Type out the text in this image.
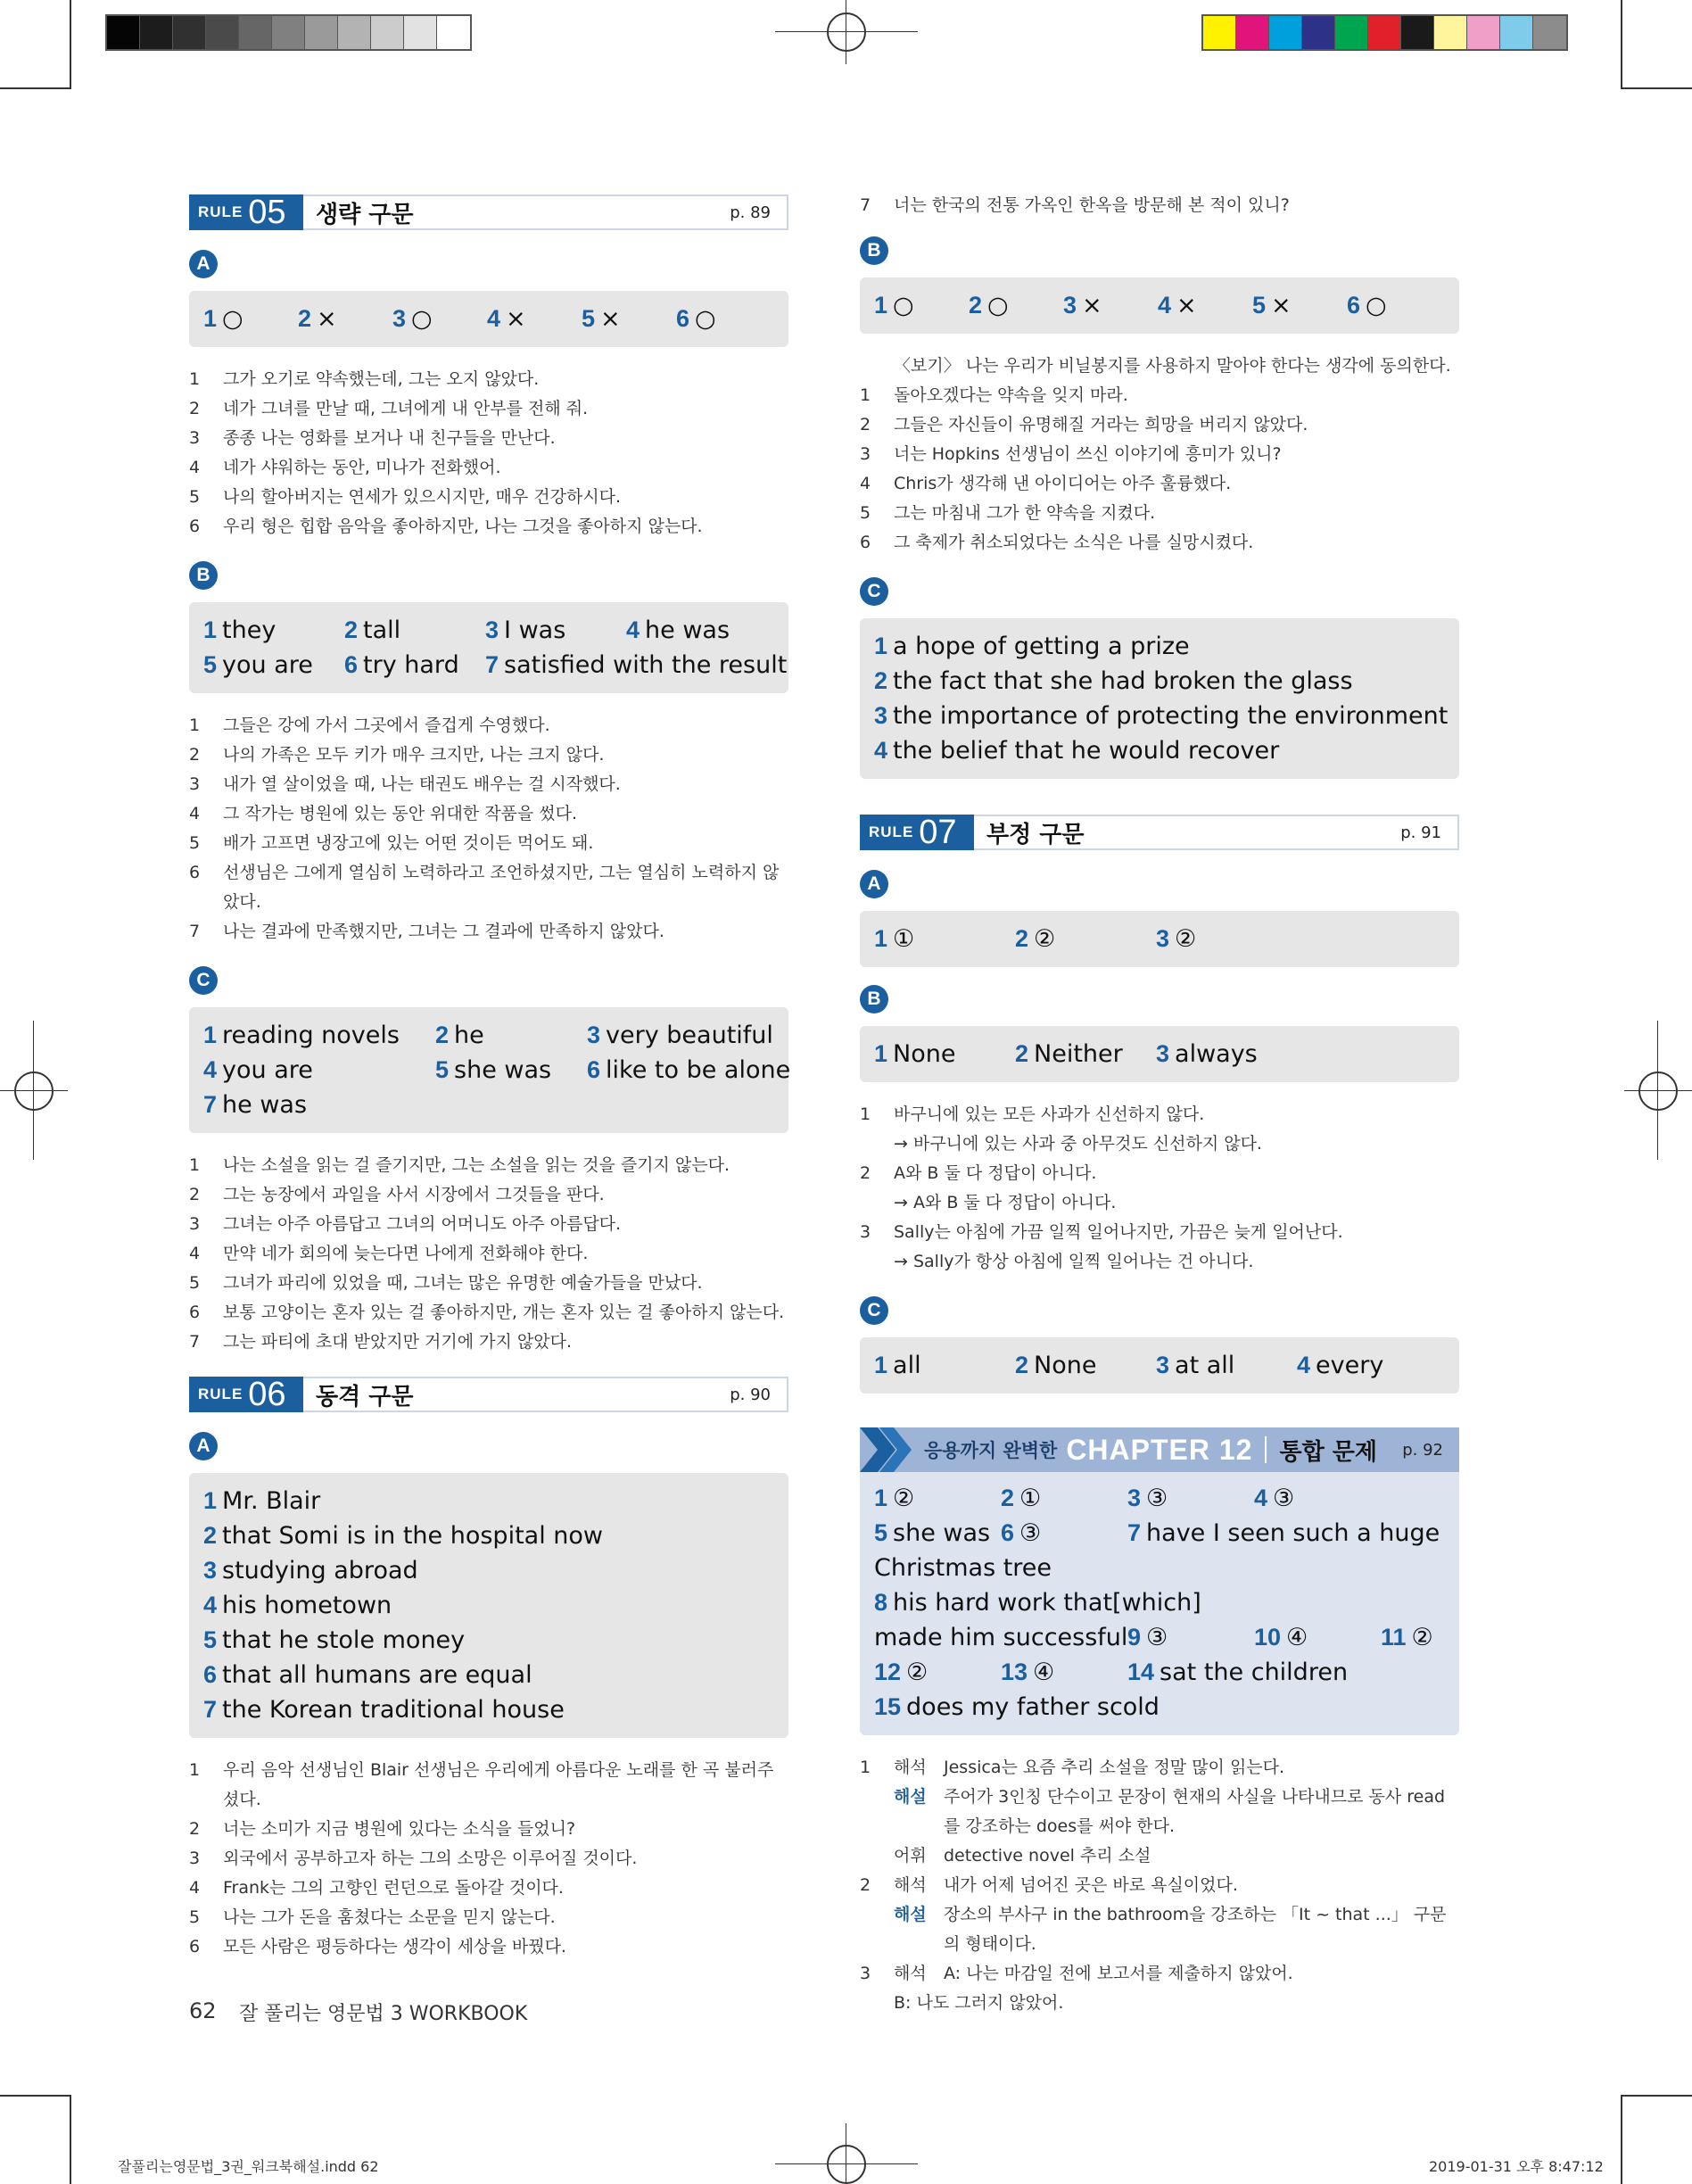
RULE 05 생략 구문	p. 89
A
1 ○	2 ×	3 ○	4 ×	5 ×	6 ○
1	그가 오기로 약속했는데, 그는 오지 않았다.
2	네가 그녀를 만날 때, 그녀에게 내 안부를 전해 줘.
3	종종 나는 영화를 보거나 내 친구들을 만난다.
4	네가 샤워하는 동안, 미나가 전화했어.
5	나의 할아버지는 연세가 있으시지만, 매우 건강하시다.
6	우리 형은 힙합 음악을 좋아하지만, 나는 그것을 좋아하지 않는다.
B
1 they	2 tall	3 I was	4 he was
5 you are	6 try hard	7 satisfied with the result
1	그들은 강에 가서 그곳에서 즐겁게 수영했다.
2	나의 가족은 모두 키가 매우 크지만, 나는 크지 않다.
3	내가 열 살이었을 때, 나는 태권도 배우는 걸 시작했다.
4	그 작가는 병원에 있는 동안 위대한 작품을 썼다.
5	배가 고프면 냉장고에 있는 어떤 것이든 먹어도 돼.
6	선생님은 그에게 열심히 노력하라고 조언하셨지만, 그는 열심히 노력하지 않았다.
7	나는 결과에 만족했지만, 그녀는 그 결과에 만족하지 않았다.
C
1 reading novels	2 he	3 very beautiful
4 you are	5 she was	6 like to be alone
7 he was
1	나는 소설을 읽는 걸 즐기지만, 그는 소설을 읽는 것을 즐기지 않는다.
2	그는 농장에서 과일을 사서 시장에서 그것들을 판다.
3	그녀는 아주 아름답고 그녀의 어머니도 아주 아름답다.
4	만약 네가 회의에 늦는다면 나에게 전화해야 한다.
5	그녀가 파리에 있었을 때, 그녀는 많은 유명한 예술가들을 만났다.
6	보통 고양이는 혼자 있는 걸 좋아하지만, 개는 혼자 있는 걸 좋아하지 않는다.
7	그는 파티에 초대 받았지만 거기에 가지 않았다.
RULE 06 동격 구문	p. 90
A
1 Mr. Blair
2 that Somi is in the hospital now
3 studying abroad
4 his hometown
5 that he stole money
6 that all humans are equal
7 the Korean traditional house
1	우리 음악 선생님인 Blair 선생님은 우리에게 아름다운 노래를 한 곡 불러주셨다.
2	너는 소미가 지금 병원에 있다는 소식을 들었니?
3	외국에서 공부하고자 하는 그의 소망은 이루어질 것이다.
4	Frank는 그의 고향인 런던으로 돌아갈 것이다.
5	나는 그가 돈을 훔쳤다는 소문을 믿지 않는다.
6	모든 사람은 평등하다는 생각이 세상을 바꿨다.
7	너는 한국의 전통 가옥인 한옥을 방문해 본 적이 있니?
B
1 ○	2 ○	3 ×	4 ×	5 ×	6 ○
〈보기〉 나는 우리가 비닐봉지를 사용하지 말아야 한다는 생각에 동의한다.
1	돌아오겠다는 약속을 잊지 마라.
2	그들은 자신들이 유명해질 거라는 희망을 버리지 않았다.
3	너는 Hopkins 선생님이 쓰신 이야기에 흥미가 있니?
4	Chris가 생각해 낸 아이디어는 아주 훌륭했다.
5	그는 마침내 그가 한 약속을 지켰다.
6	그 축제가 취소되었다는 소식은 나를 실망시켰다.
C
1 a hope of getting a prize
2 the fact that she had broken the glass
3 the importance of protecting the environment
4 the belief that he would recover
RULE 07 부정 구문	p. 91
A
1 ①	2 ②	3 ②
B
1 None	2 Neither	3 always
1	바구니에 있는 모든 사과가 신선하지 않다.
→ 바구니에 있는 사과 중 아무것도 신선하지 않다.
2	A와 B 둘 다 정답이 아니다.
→ A와 B 둘 다 정답이 아니다.
3	Sally는 아침에 가끔 일찍 일어나지만, 가끔은 늦게 일어난다.
→ Sally가 항상 아침에 일찍 일어나는 건 아니다.
C
1 all	2 None	3 at all	4 every
응용까지 완벽한 CHAPTER 12 통합 문제 p. 92
1 ②	2 ①	3 ③	4 ③
5 she was 6 ③	7 have I seen such a huge
Christmas tree
8 his hard work that[which]
made him successful 9 ③	10 ④	11 ②
12 ②	13 ④	14 sat the children
15 does my father scold
1	해석	Jessica는 요즘 추리 소설을 정말 많이 읽는다.
해설	주어가 3인칭 단수이고 문장이 현재의 사실을 나타내므로 동사 read를 강조하는 does를 써야 한다.
어휘	detective novel 추리 소설
2	해석	내가 어제 넘어진 곳은 바로 욕실이었다.
해설	장소의 부사구 in the bathroom을 강조하는 「It ~ that ...」 구문의 형태이다.
3	해석	A: 나는 마감일 전에 보고서를 제출하지 않았어.
B: 나도 그러지 않았어.
62 잘 풀리는 영문법 3 WORKBOOK
잘풀리는영문법_3권_워크북해설.indd 62	2019-01-31 오후 8:47:12
